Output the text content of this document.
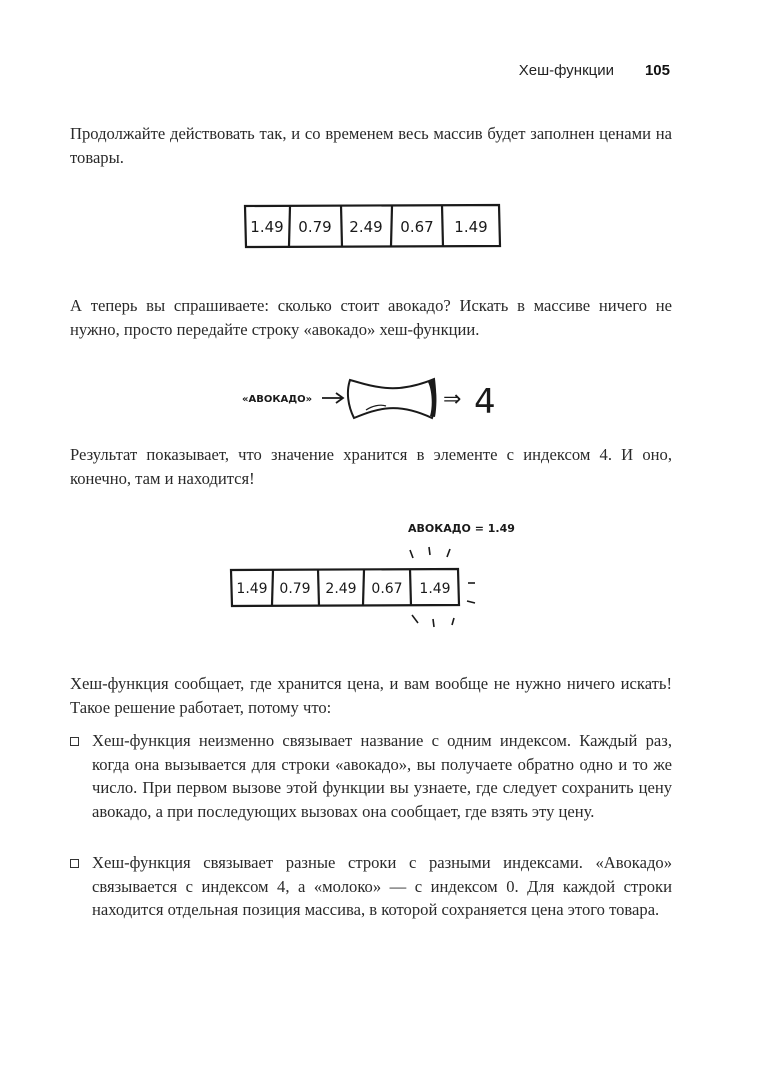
Хеш-функции 105

Продолжайте действовать так, и со временем весь массив будет заполнен ценами на товары.

1.49 0.79 2.49 0.67 1.49

А теперь вы спрашиваете: сколько стоит авокадо? Искать в массиве ничего не нужно, просто передайте строку «авокадо» хеш-функции.

«АВОКАДО»	⇒ 4

Результат показывает, что значение хранится в элементе с индексом 4. И оно, конечно, там и находится!

АВОКАДО = 1.49
1.49 0.79 2.49 0.67 1.49

Хеш-функция сообщает, где хранится цена, и вам вообще не нужно ничего искать! Такое решение работает, потому что:

Хеш-функция неизменно связывает название с одним индексом. Каждый раз, когда она вызывается для строки «авокадо», вы получаете обратно одно и то же число. При первом вызове этой функции вы узнаете, где следует сохранить цену авокадо, а при последующих вызовах она сообщает, где взять эту цену.

Хеш-функция связывает разные строки с разными индексами. «Авокадо» связывается с индексом 4, а «молоко» — с индексом 0. Для каждой строки находится отдельная позиция массива, в которой сохраняется цена этого товара.
